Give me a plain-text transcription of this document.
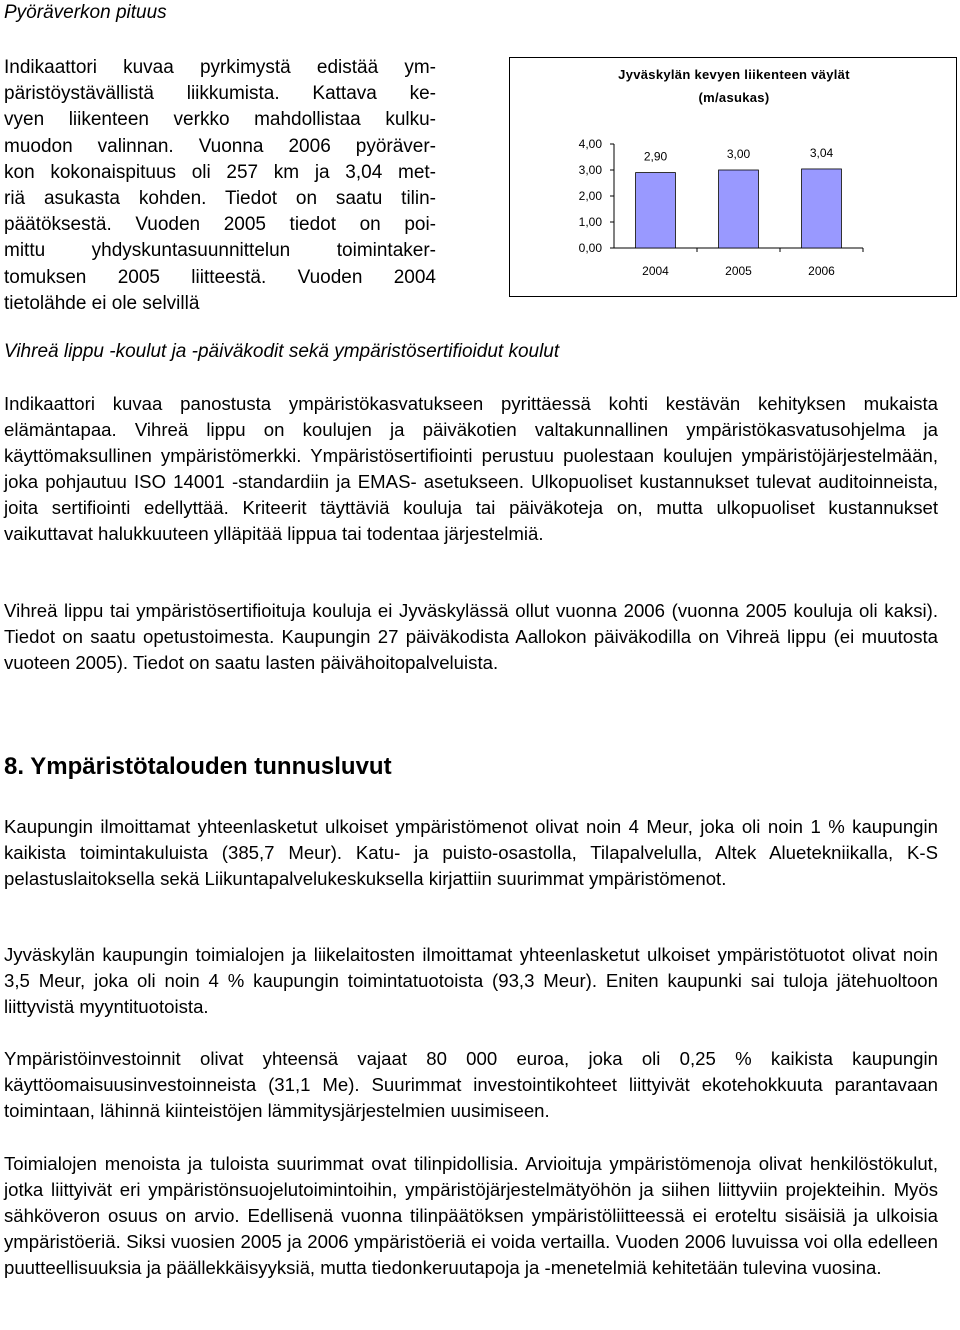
Pyöräverkon pituus
Indikaattori kuvaa pyrkimystä edistää ym-
päristöystävällistä liikkumista. Kattava ke-
vyen liikenteen verkko mahdollistaa kulku-
muodon valinnan. Vuonna 2006 pyöräver-
kon kokonaispituus oli 257 km ja 3,04 met-
riä asukasta kohden. Tiedot on saatu tilin-
päätöksestä. Vuoden 2005 tiedot on poi-
mittu yhdyskuntasuunnittelun toimintaker-
tomuksen 2005 liitteestä. Vuoden 2004
tietolähde ei ole selvillä
Jyväskylän kevyen liikenteen väylät
(m/asukas)
4,00
3,00
2,00
1,00
0,00
2,90
2004
3,00
2005
3,04
2006
Vihreä lippu -koulut ja -päiväkodit sekä ympäristösertifioidut koulut
Indikaattori kuvaa panostusta ympäristökasvatukseen pyrittäessä kohti kestävän kehityksen mukaista elämäntapaa. Vihreä lippu on koulujen ja päiväkotien valtakunnallinen ympäristökasvatusohjelma ja käyttömaksullinen ympäristömerkki. Ympäristösertifiointi perustuu puolestaan koulujen ympäristöjärjestelmään, joka pohjautuu ISO 14001 -standardiin ja EMAS- asetukseen. Ulkopuoliset kustannukset tulevat auditoinneista, joita sertifiointi edellyttää. Kriteerit täyttäviä kouluja tai päiväkoteja on, mutta ulkopuoliset kustannukset vaikuttavat halukkuuteen ylläpitää lippua tai todentaa järjestelmiä.
Vihreä lippu tai ympäristösertifioituja kouluja ei Jyväskylässä ollut vuonna 2006 (vuonna 2005 kouluja oli kaksi). Tiedot on saatu opetustoimesta. Kaupungin 27 päiväkodista Aallokon päiväkodilla on Vihreä lippu (ei muutosta vuoteen 2005). Tiedot on saatu lasten päivähoitopalveluista.
8. Ympäristötalouden tunnusluvut
Kaupungin ilmoittamat yhteenlasketut ulkoiset ympäristömenot olivat noin 4 Meur, joka oli noin 1 % kaupungin kaikista toimintakuluista (385,7 Meur). Katu- ja puisto-osastolla, Tilapalvelulla, Altek Aluetekniikalla, K-S pelastuslaitoksella sekä Liikuntapalvelukeskuksella kirjattiin suurimmat ympäristömenot.
Jyväskylän kaupungin toimialojen ja liikelaitosten ilmoittamat yhteenlasketut ulkoiset ympäristötuotot olivat noin 3,5 Meur, joka oli noin 4 % kaupungin toimintatuotoista (93,3 Meur). Eniten kaupunki sai tuloja jätehuoltoon liittyvistä myyntituotoista.
Ympäristöinvestoinnit olivat yhteensä vajaat 80 000 euroa, joka oli 0,25 % kaikista kaupungin käyttöomaisuusinvestoinneista (31,1 Me). Suurimmat investointikohteet liittyivät ekotehokkuuta parantavaan toimintaan, lähinnä kiinteistöjen lämmitysjärjestelmien uusimiseen.
Toimialojen menoista ja tuloista suurimmat ovat tilinpidollisia. Arvioituja ympäristömenoja olivat henkilöstökulut, jotka liittyivät eri ympäristönsuojelutoimintoihin, ympäristöjärjestelmätyöhön ja siihen liittyviin projekteihin. Myös sähköveron osuus on arvio. Edellisenä vuonna tilinpäätöksen ympäristöliitteessä ei eroteltu sisäisiä ja ulkoisia ympäristöeriä. Siksi vuosien 2005 ja 2006 ympäristöeriä ei voida vertailla. Vuoden 2006 luvuissa voi olla edelleen puutteellisuuksia ja päällekkäisyyksiä, mutta tiedonkeruutapoja ja -menetelmiä kehitetään tulevina vuosina.
